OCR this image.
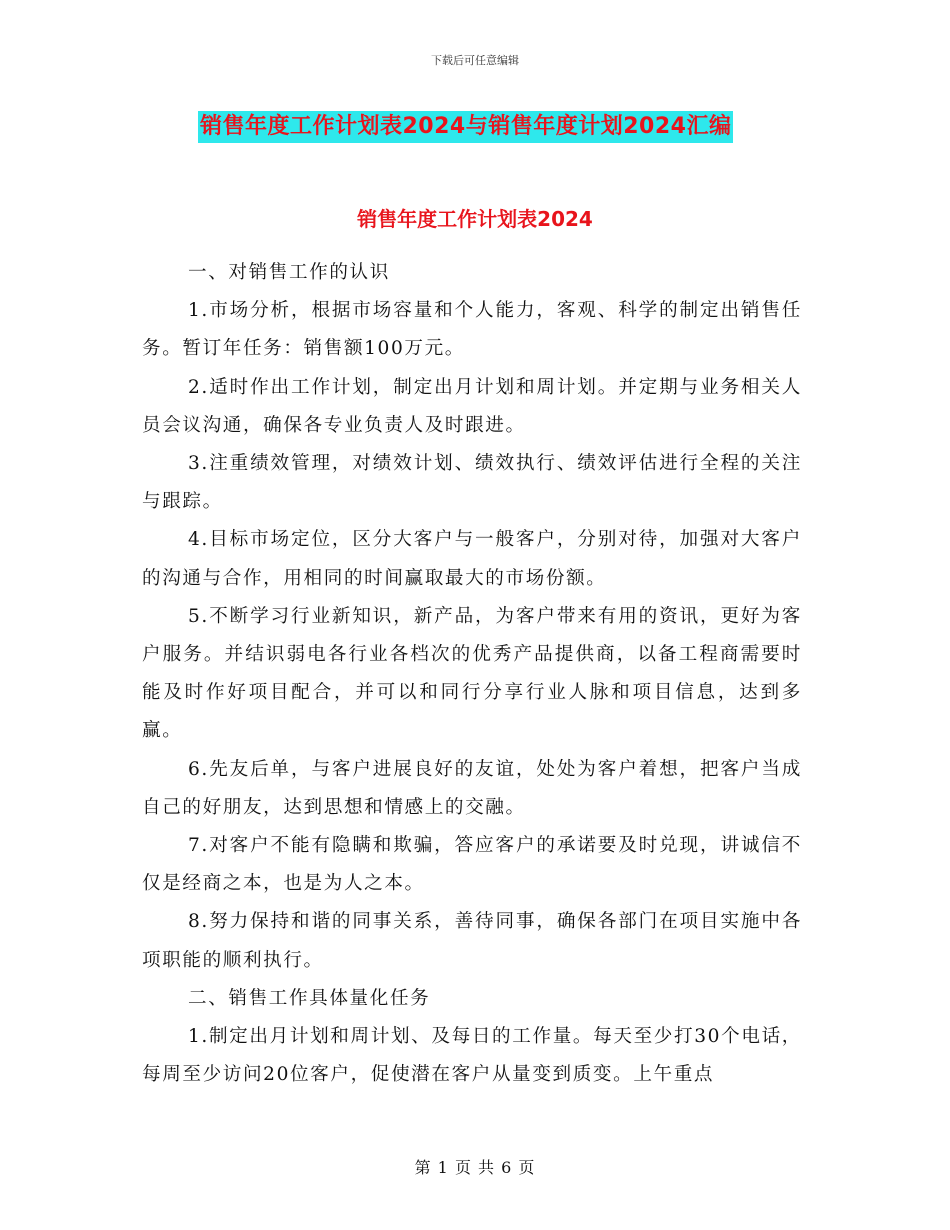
下载后可任意编辑
销售年度工作计划表2024与销售年度计划2024汇编
销售年度工作计划表2024

一、对销售工作的认识

1.市场分析，根据市场容量和个人能力，客观、科学的制定出销售任务。暂订年任务：销售额100万元。

2.适时作出工作计划，制定出月计划和周计划。并定期与业务相关人员会议沟通，确保各专业负责人及时跟进。

3.注重绩效管理，对绩效计划、绩效执行、绩效评估进行全程的关注与跟踪。

4.目标市场定位，区分大客户与一般客户，分别对待，加强对大客户的沟通与合作，用相同的时间赢取最大的市场份额。

5.不断学习行业新知识，新产品，为客户带来有用的资讯，更好为客户服务。并结识弱电各行业各档次的优秀产品提供商，以备工程商需要时能及时作好项目配合，并可以和同行分享行业人脉和项目信息，达到多赢。

6.先友后单，与客户进展良好的友谊，处处为客户着想，把客户当成自己的好朋友，达到思想和情感上的交融。

7.对客户不能有隐瞒和欺骗，答应客户的承诺要及时兑现，讲诚信不仅是经商之本，也是为人之本。

8.努力保持和谐的同事关系，善待同事，确保各部门在项目实施中各项职能的顺利执行。

二、销售工作具体量化任务

1.制定出月计划和周计划、及每日的工作量。每天至少打30个电话，每周至少访问20位客户，促使潜在客户从量变到质变。上午重点

第 1 页 共 6 页
